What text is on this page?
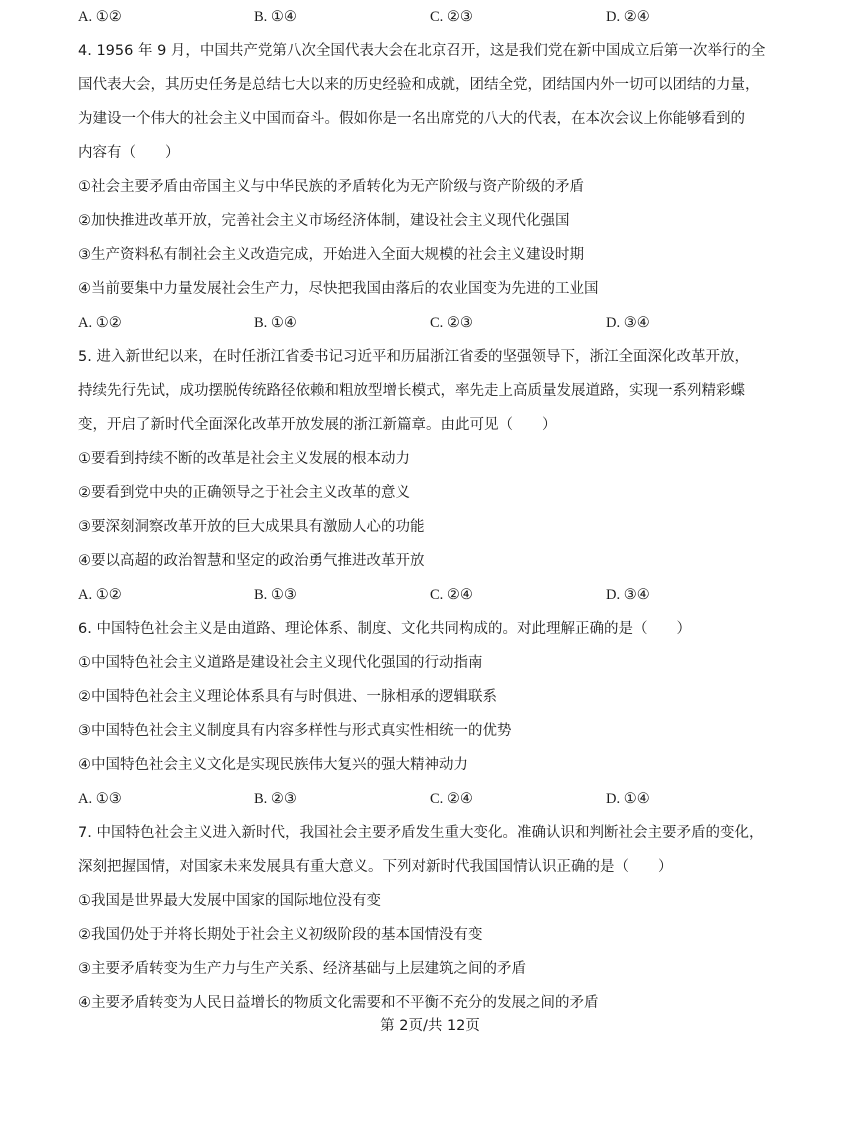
A. ①②	B. ①④	C. ②③	D. ②④
4. 1956 年 9 月，中国共产党第八次全国代表大会在北京召开，这是我们党在新中国成立后第一次举行的全
国代表大会，其历史任务是总结七大以来的历史经验和成就，团结全党，团结国内外一切可以团结的力量，
为建设一个伟大的社会主义中国而奋斗。假如你是一名出席党的八大的代表，在本次会议上你能够看到的
内容有（　　）
①社会主要矛盾由帝国主义与中华民族的矛盾转化为无产阶级与资产阶级的矛盾
②加快推进改革开放，完善社会主义市场经济体制，建设社会主义现代化强国
③生产资料私有制社会主义改造完成，开始进入全面大规模的社会主义建设时期
④当前要集中力量发展社会生产力，尽快把我国由落后的农业国变为先进的工业国
A. ①②	B. ①④	C. ②③	D. ③④
5. 进入新世纪以来，在时任浙江省委书记习近平和历届浙江省委的坚强领导下，浙江全面深化改革开放，
持续先行先试，成功摆脱传统路径依赖和粗放型增长模式，率先走上高质量发展道路，实现一系列精彩蝶
变，开启了新时代全面深化改革开放发展的浙江新篇章。由此可见（　　）
①要看到持续不断的改革是社会主义发展的根本动力
②要看到党中央的正确领导之于社会主义改革的意义
③要深刻洞察改革开放的巨大成果具有激励人心的功能
④要以高超的政治智慧和坚定的政治勇气推进改革开放
A. ①②	B. ①③	C. ②④	D. ③④
6. 中国特色社会主义是由道路、理论体系、制度、文化共同构成的。对此理解正确的是（　　）
①中国特色社会主义道路是建设社会主义现代化强国的行动指南
②中国特色社会主义理论体系具有与时俱进、一脉相承的逻辑联系
③中国特色社会主义制度具有内容多样性与形式真实性相统一的优势
④中国特色社会主义文化是实现民族伟大复兴的强大精神动力
A. ①③	B. ②③	C. ②④	D. ①④
7. 中国特色社会主义进入新时代，我国社会主要矛盾发生重大变化。准确认识和判断社会主要矛盾的变化，
深刻把握国情，对国家未来发展具有重大意义。下列对新时代我国国情认识正确的是（　　）
①我国是世界最大发展中国家的国际地位没有变
②我国仍处于并将长期处于社会主义初级阶段的基本国情没有变
③主要矛盾转变为生产力与生产关系、经济基础与上层建筑之间的矛盾
④主要矛盾转变为人民日益增长的物质文化需要和不平衡不充分的发展之间的矛盾
第 2页/共 12页
